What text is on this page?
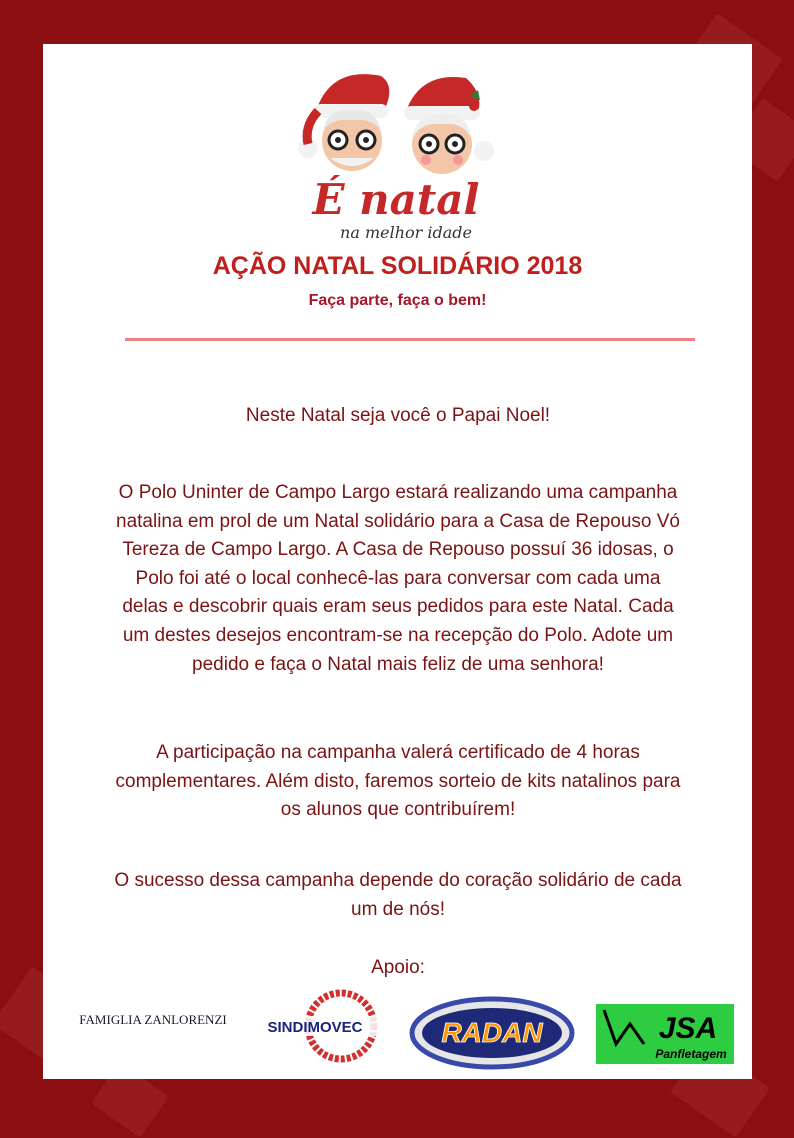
É natal
na melhor idade
AÇÃO NATAL SOLIDÁRIO 2018
Faça parte, faça o bem!

Neste Natal seja você o Papai Noel!

O Polo Uninter de Campo Largo estará realizando uma campanha natalina em prol de um Natal solidário para a Casa de Repouso Vó Tereza de Campo Largo. A Casa de Repouso possuí 36 idosas, o Polo foi até o local conhecê-las para conversar com cada uma delas e descobrir quais eram seus pedidos para este Natal. Cada um destes desejos encontram-se na recepção do Polo. Adote um pedido e faça o Natal mais feliz de uma senhora!

A participação na campanha valerá certificado de 4 horas complementares. Além disto, faremos sorteio de kits natalinos para os alunos que contribuírem!

O sucesso dessa campanha depende do coração solidário de cada um de nós!

Apoio:

FAMIGLIA ZANLORENZI	SINDIMOVEC	RADAN	JSA
Panfletagem
